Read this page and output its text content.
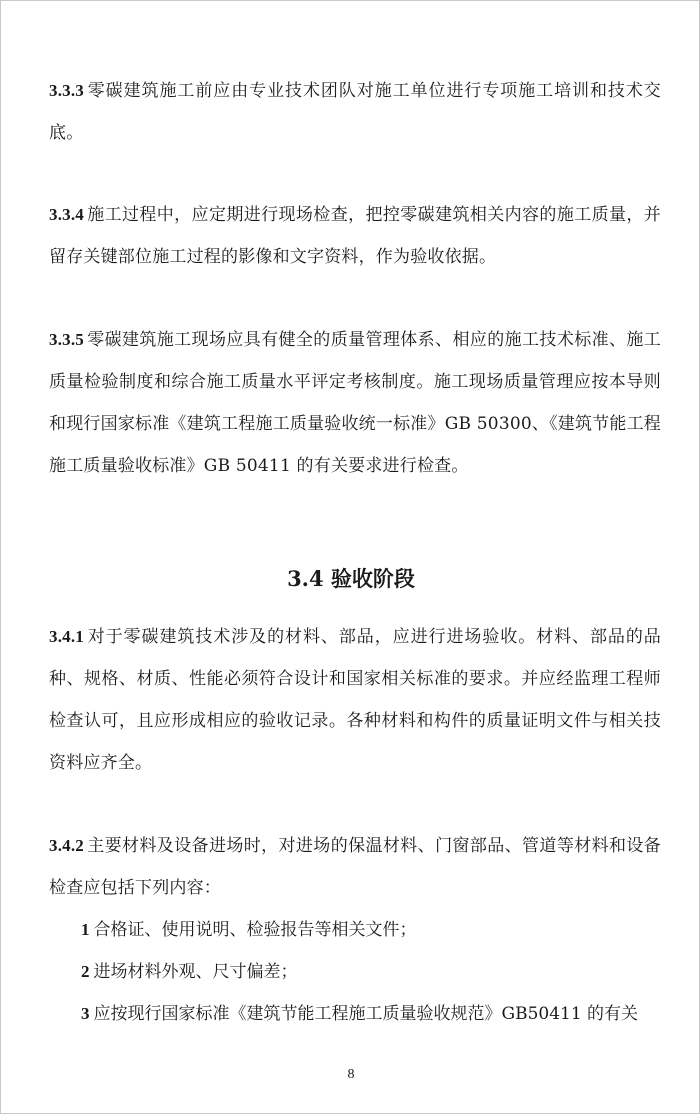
3.3.3 零碳建筑施工前应由专业技术团队对施工单位进行专项施工培训和技术交底。
3.3.4 施工过程中，应定期进行现场检查，把控零碳建筑相关内容的施工质量，并留存关键部位施工过程的影像和文字资料，作为验收依据。
3.3.5 零碳建筑施工现场应具有健全的质量管理体系、相应的施工技术标准、施工质量检验制度和综合施工质量水平评定考核制度。施工现场质量管理应按本导则和现行国家标准《建筑工程施工质量验收统一标准》GB 50300、《建筑节能工程施工质量验收标准》GB 50411 的有关要求进行检查。
3.4 验收阶段
3.4.1 对于零碳建筑技术涉及的材料、部品，应进行进场验收。材料、部品的品种、规格、材质、性能必须符合设计和国家相关标准的要求。并应经监理工程师检查认可，且应形成相应的验收记录。各种材料和构件的质量证明文件与相关技资料应齐全。
3.4.2 主要材料及设备进场时，对进场的保温材料、门窗部品、管道等材料和设备检查应包括下列内容：
1 合格证、使用说明、检验报告等相关文件；
2 进场材料外观、尺寸偏差；
3 应按现行国家标准《建筑节能工程施工质量验收规范》GB50411 的有关
8
